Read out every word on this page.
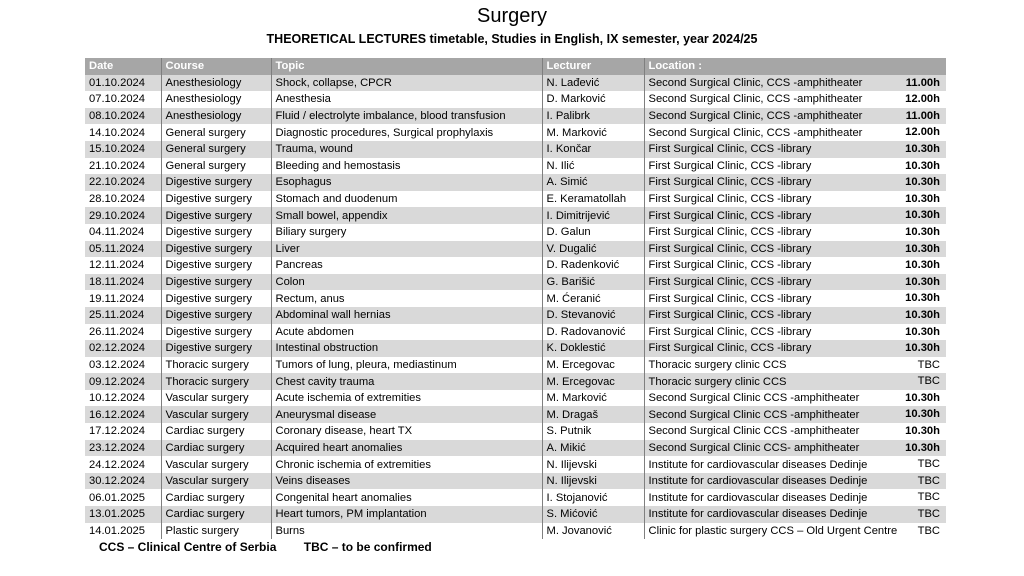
Surgery
THEORETICAL LECTURES timetable, Studies in English, IX semester, year 2024/25
Date	Course	Topic	Lecturer	Location :
01.10.2024	Anesthesiology	Shock, collapse, CPCR	N. Lađević	Second Surgical Clinic, CCS -amphitheater 11.00h

07.10.2024	Anesthesiology	Anesthesia	D. Marković	Second Surgical Clinic, CCS -amphitheater 12.00h

08.10.2024	Anesthesiology	Fluid / electrolyte imbalance, blood transfusion	I. Palibrk	Second Surgical Clinic, CCS -amphitheater 11.00h

14.10.2024	General surgery	Diagnostic procedures, Surgical prophylaxis	M. Marković	Second Surgical Clinic, CCS -amphitheater 12.00h

15.10.2024	General surgery	Trauma, wound	I. Končar	First Surgical Clinic, CCS -library 10.30h

21.10.2024	General surgery	Bleeding and hemostasis	N. Ilić	First Surgical Clinic, CCS -library 10.30h

22.10.2024	Digestive surgery	Esophagus	A. Simić	First Surgical Clinic, CCS -library 10.30h

28.10.2024	Digestive surgery	Stomach and duodenum	E. Keramatollah	First Surgical Clinic, CCS -library 10.30h

29.10.2024	Digestive surgery	Small bowel, appendix	I. Dimitrijević	First Surgical Clinic, CCS -library 10.30h

04.11.2024	Digestive surgery	Biliary surgery	D. Galun	First Surgical Clinic, CCS -library 10.30h

05.11.2024	Digestive surgery	Liver	V. Dugalić	First Surgical Clinic, CCS -library 10.30h

12.11.2024	Digestive surgery	Pancreas	D. Radenković	First Surgical Clinic, CCS -library 10.30h

18.11.2024	Digestive surgery	Colon	G. Barišić	First Surgical Clinic, CCS -library 10.30h

19.11.2024	Digestive surgery	Rectum, anus	M. Ćeranić	First Surgical Clinic, CCS -library 10.30h

25.11.2024	Digestive surgery	Abdominal wall hernias	D. Stevanović	First Surgical Clinic, CCS -library 10.30h

26.11.2024	Digestive surgery	Acute abdomen	D. Radovanović	First Surgical Clinic, CCS -library 10.30h

02.12.2024	Digestive surgery	Intestinal obstruction	K. Doklestić	First Surgical Clinic, CCS -library 10.30h

03.12.2024	Thoracic surgery	Tumors of lung, pleura, mediastinum	M. Ercegovac	Thoracic surgery clinic CCS TBC

09.12.2024	Thoracic surgery	Chest cavity trauma	M. Ercegovac	Thoracic surgery clinic CCS TBC

10.12.2024	Vascular surgery	Acute ischemia of extremities	M. Marković	Second Surgical Clinic CCS -amphitheater 10.30h

16.12.2024	Vascular surgery	Aneurysmal disease	M. Dragaš	Second Surgical Clinic CCS -amphitheater 10.30h

17.12.2024	Cardiac surgery	Coronary disease, heart TX	S. Putnik	Second Surgical Clinic CCS -amphitheater 10.30h

23.12.2024	Cardiac surgery	Acquired heart anomalies	A. Mikić	Second Surgical Clinic CCS- amphitheater 10.30h

24.12.2024	Vascular surgery	Chronic ischemia of extremities	N. Ilijevski	Institute for cardiovascular diseases Dedinje TBC

30.12.2024	Vascular surgery	Veins diseases	N. Ilijevski	Institute for cardiovascular diseases Dedinje TBC

06.01.2025	Cardiac surgery	Congenital heart anomalies	I. Stojanović	Institute for cardiovascular diseases Dedinje TBC

13.01.2025	Cardiac surgery	Heart tumors, PM implantation	S. Mićović	Institute for cardiovascular diseases Dedinje TBC

14.01.2025	Plastic surgery	Burns	M. Jovanović	Clinic for plastic surgery CCS – Old Urgent Centre TBC
CCS – Clinical Centre of Serbia TBC – to be confirmed
